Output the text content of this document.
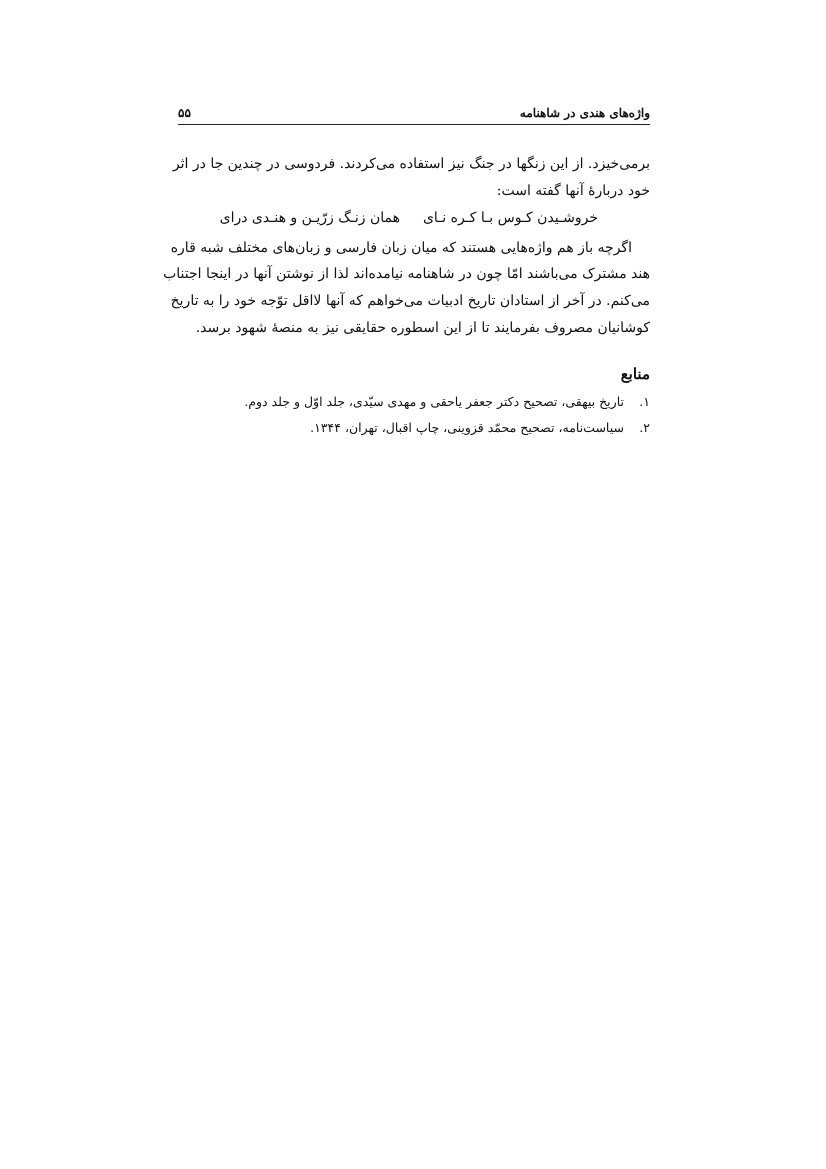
واژه‌های هندی در شاهنامه
۵۵
برمی‌خیزد. از این زنگها در جنگ نیز استفاده می‌کردند. فردوسی در چندین جا در اثر
خود دربارهٔ آنها گفته است:
خروشـیدن کـوس بـا کـره نـای
همان زنـگ زرّیـن و هنـدی درای
اگرچه باز هم واژه‌هایی هستند که میان زبان فارسی و زبان‌های مختلف شبه قاره
هند مشترک می‌باشند امّا چون در شاهنامه نیامده‌اند لذا از نوشتن آنها در اینجا اجتناب
می‌کنم. در آخر از استادان تاریخ ادبیات می‌خواهم که آنها لااقل توّجه خود را به تاریخ
کوشانیان مصروف بفرمایند تا از این اسطوره حقایقی نیز به منصهٔ شهود برسد.
منابع
۱.
تاریخ بیهقی، تصحیح دکتر جعفر یاحقی و مهدی سیّدی، جلد اوّل و جلد دوم.
۲.
سیاست‌نامه، تصحیح محمّد قزوینی، چاپ اقبال، تهران، ۱۳۴۴.
